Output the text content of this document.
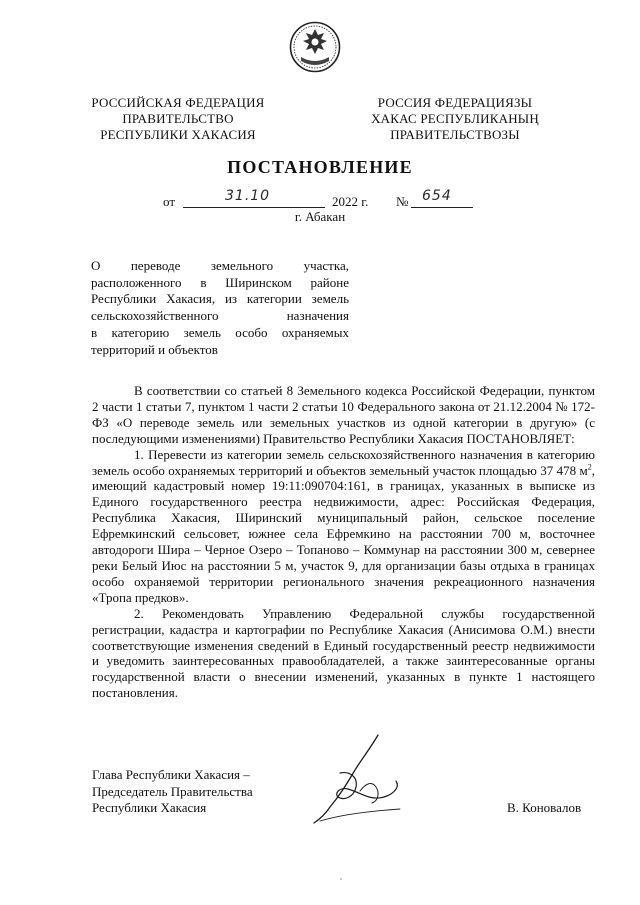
РОССИЙСКАЯ ФЕДЕРАЦИЯ
ПРАВИТЕЛЬСТВО
РЕСПУБЛИКИ ХАКАСИЯ
РОССИЯ ФЕДЕРАЦИЯЗЫ
ХАКАС РЕСПУБЛИКАНЫҢ
ПРАВИТЕЛЬСТВОЗЫ
ПОСТАНОВЛЕНИЕ
от	31.10	2022 г. № 654
г. Абакан
О переводе земельного участка,
расположенного в Ширинском районе
Республики Хакасия, из категории земель
сельскохозяйственного назначения
в категорию земель особо охраняемых
территорий и объектов
В соответствии со статьей 8 Земельного кодекса Российской Федерации, пунктом 2 части 1 статьи 7, пунктом 1 части 2 статьи 10 Федерального закона от 21.12.2004 № 172-ФЗ «О переводе земель или земельных участков из одной категории в другую» (с последующими изменениями) Правительство Республики Хакасия ПОСТАНОВЛЯЕТ:
1. Перевести из категории земель сельскохозяйственного назначения в категорию земель особо охраняемых территорий и объектов земельный участок площадью 37 478 $м^2$, имеющий кадастровый номер 19:11:090704:161, в границах, указанных в выписке из Единого государственного реестра недвижимости, адрес: Российская Федерация, Республика Хакасия, Ширинский муниципальный район, сельское поселение Ефремкинский сельсовет, южнее села Ефремкино на расстоянии 700 м, восточнее автодороги Шира – Черное Озеро – Топаново – Коммунар на расстоянии 300 м, севернее реки Белый Июс на расстоянии 5 м, участок 9, для организации базы отдыха в границах особо охраняемой территории регионального значения рекреационного назначения «Тропа предков».
2. Рекомендовать Управлению Федеральной службы государственной регистрации, кадастра и картографии по Республике Хакасия (Анисимова О.М.) внести соответствующие изменения сведений в Единый государственный реестр недвижимости и уведомить заинтересованных правообладателей, а также заинтересованные органы государственной власти о внесении изменений, указанных в пункте 1 настоящего постановления.
Глава Республики Хакасия –
Председатель Правительства
Республики Хакасия	В. Коновалов
